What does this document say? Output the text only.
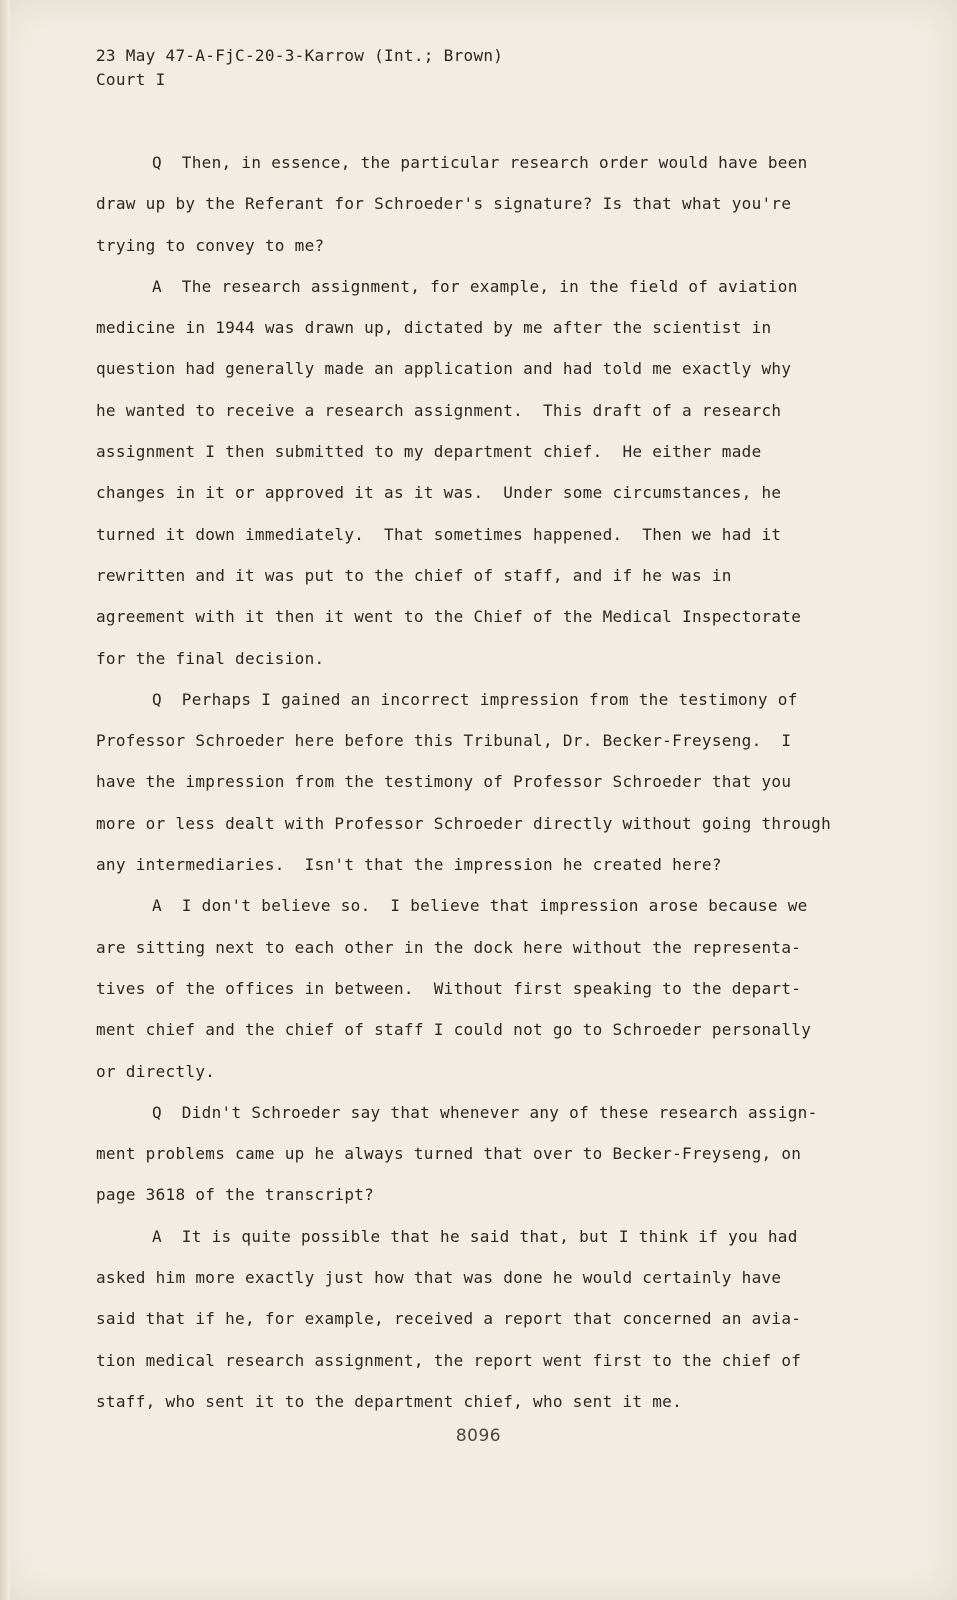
23 May 47-A-FjC-20-3-Karrow (Int.; Brown)
Court I
Q  Then, in essence, the particular research order would have been
draw up by the Referant for Schroeder's signature? Is that what you're
trying to convey to me?
A  The research assignment, for example, in the field of aviation
medicine in 1944 was drawn up, dictated by me after the scientist in
question had generally made an application and had told me exactly why
he wanted to receive a research assignment.  This draft of a research
assignment I then submitted to my department chief.  He either made
changes in it or approved it as it was.  Under some circumstances, he
turned it down immediately.  That sometimes happened.  Then we had it
rewritten and it was put to the chief of staff, and if he was in
agreement with it then it went to the Chief of the Medical Inspectorate
for the final decision.
Q  Perhaps I gained an incorrect impression from the testimony of
Professor Schroeder here before this Tribunal, Dr. Becker-Freyseng.  I
have the impression from the testimony of Professor Schroeder that you
more or less dealt with Professor Schroeder directly without going through
any intermediaries.  Isn't that the impression he created here?
A  I don't believe so.  I believe that impression arose because we
are sitting next to each other in the dock here without the representa-
tives of the offices in between.  Without first speaking to the depart-
ment chief and the chief of staff I could not go to Schroeder personally
or directly.
Q  Didn't Schroeder say that whenever any of these research assign-
ment problems came up he always turned that over to Becker-Freyseng, on
page 3618 of the transcript?
A  It is quite possible that he said that, but I think if you had
asked him more exactly just how that was done he would certainly have
said that if he, for example, received a report that concerned an avia-
tion medical research assignment, the report went first to the chief of
staff, who sent it to the department chief, who sent it me.
8096
